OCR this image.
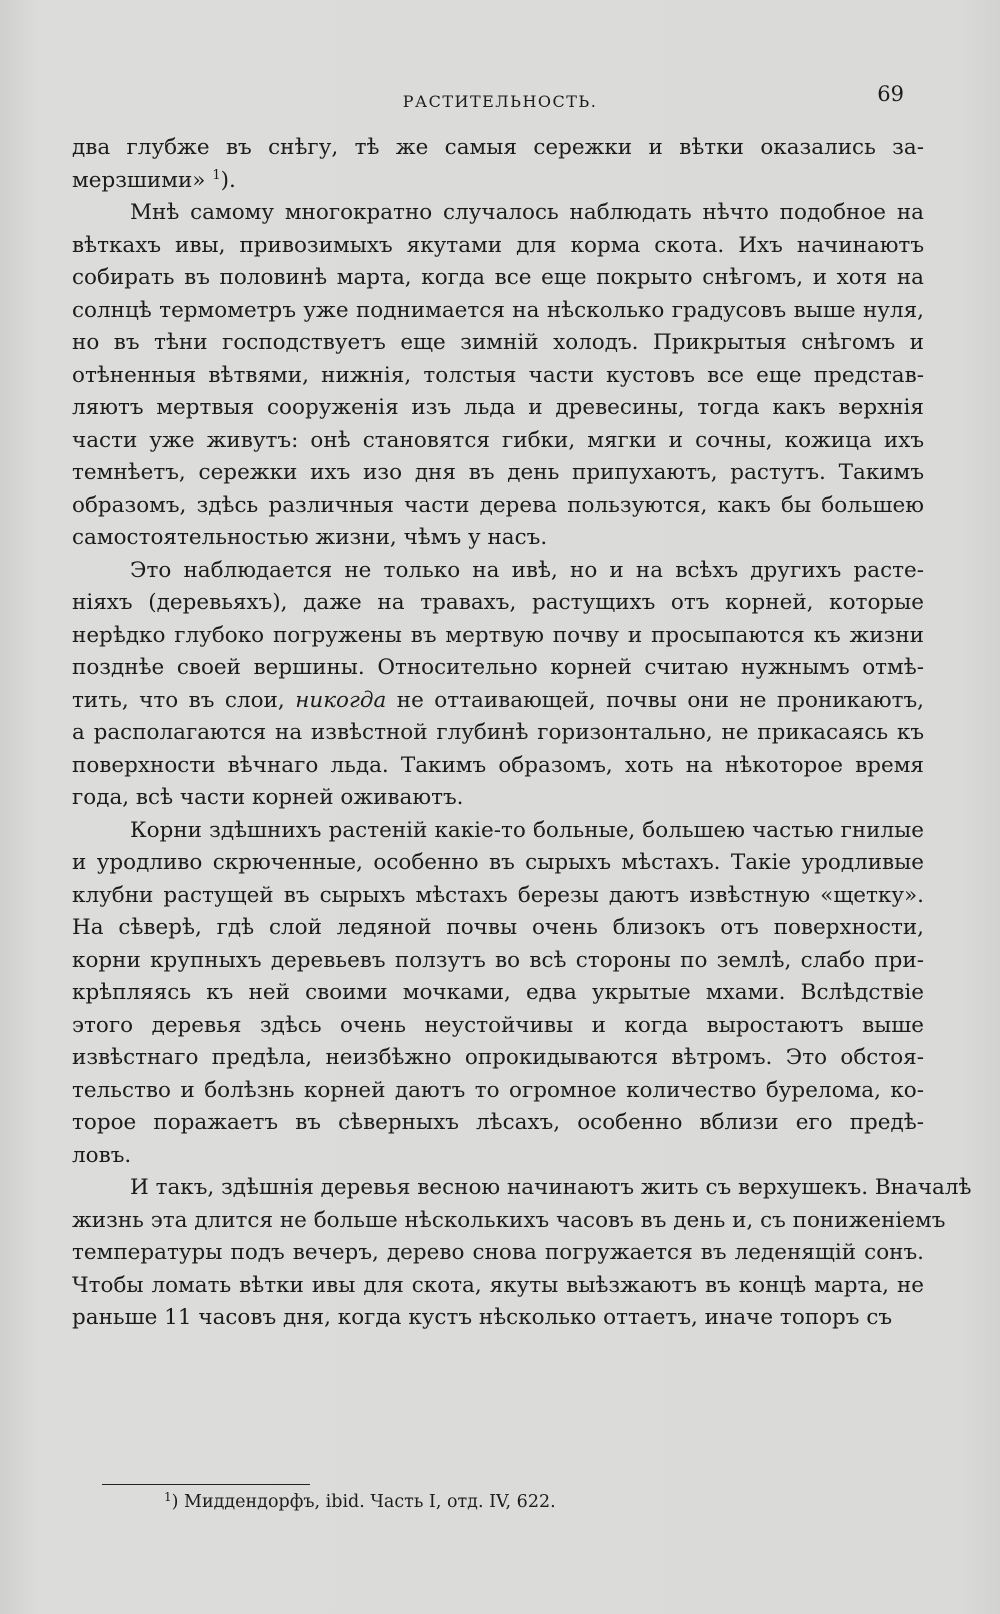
РАСТИТЕЛЬНОСТЬ.	69
два глубже въ снѣгу, тѣ же самыя сережки и вѣтки оказались за-
мерзшими» $^1$).
Мнѣ самому многократно случалось наблюдать нѣчто подобное на
вѣткахъ ивы, привозимыхъ якутами для корма скота. Ихъ начинаютъ
собирать въ половинѣ марта, когда все еще покрыто снѣгомъ, и хотя на
солнцѣ термометръ уже поднимается на нѣсколько градусовъ выше нуля,
но въ тѣни господствуетъ еще зимній холодъ. Прикрытыя снѣгомъ и
отѣненныя вѣтвями, нижнія, толстыя части кустовъ все еще представ-
ляютъ мертвыя сооруженія изъ льда и древесины, тогда какъ верхнія
части уже живутъ: онѣ становятся гибки, мягки и сочны, кожица ихъ
темнѣетъ, сережки ихъ изо дня въ день припухаютъ, растутъ. Такимъ
образомъ, здѣсь различныя части дерева пользуются, какъ бы большею
самостоятельностью жизни, чѣмъ у насъ.
Это наблюдается не только на ивѣ, но и на всѣхъ другихъ расте-
ніяхъ (деревьяхъ), даже на травахъ, растущихъ отъ корней, которые
нерѣдко глубоко погружены въ мертвую почву и просыпаются къ жизни
позднѣе своей вершины. Относительно корней считаю нужнымъ отмѣ-
тить, что въ слои, никогда не оттаивающей, почвы они не проникаютъ,
а располагаются на извѣстной глубинѣ горизонтально, не прикасаясь къ
поверхности вѣчнаго льда. Такимъ образомъ, хоть на нѣкоторое время
года, всѣ части корней оживаютъ.
Корни здѣшнихъ растеній какіе-то больные, большею частью гнилые
и уродливо скрюченные, особенно въ сырыхъ мѣстахъ. Такіе уродливые
клубни растущей въ сырыхъ мѣстахъ березы даютъ извѣстную «щетку».
На сѣверѣ, гдѣ слой ледяной почвы очень близокъ отъ поверхности,
корни крупныхъ деревьевъ ползутъ во всѣ стороны по землѣ, слабо при-
крѣпляясь къ ней своими мочками, едва укрытые мхами. Вслѣдствіе
этого деревья здѣсь очень неустойчивы и когда выростаютъ выше
извѣстнаго предѣла, неизбѣжно опрокидываются вѣтромъ. Это обстоя-
тельство и болѣзнь корней даютъ то огромное количество бурелома, ко-
торое поражаетъ въ сѣверныхъ лѣсахъ, особенно вблизи его предѣ-
ловъ.
И такъ, здѣшнія деревья весною начинаютъ жить съ верхушекъ. Вначалѣ
жизнь эта длится не больше нѣсколькихъ часовъ въ день и, съ пониженіемъ
температуры подъ вечеръ, дерево снова погружается въ леденящій сонъ.
Чтобы ломать вѣтки ивы для скота, якуты выѣзжаютъ въ концѣ марта, не
раньше 11 часовъ дня, когда кустъ нѣсколько оттаетъ, иначе топоръ съ
$^1$) Миддендорфъ, ibid. Часть I, отд. IV, 622.
